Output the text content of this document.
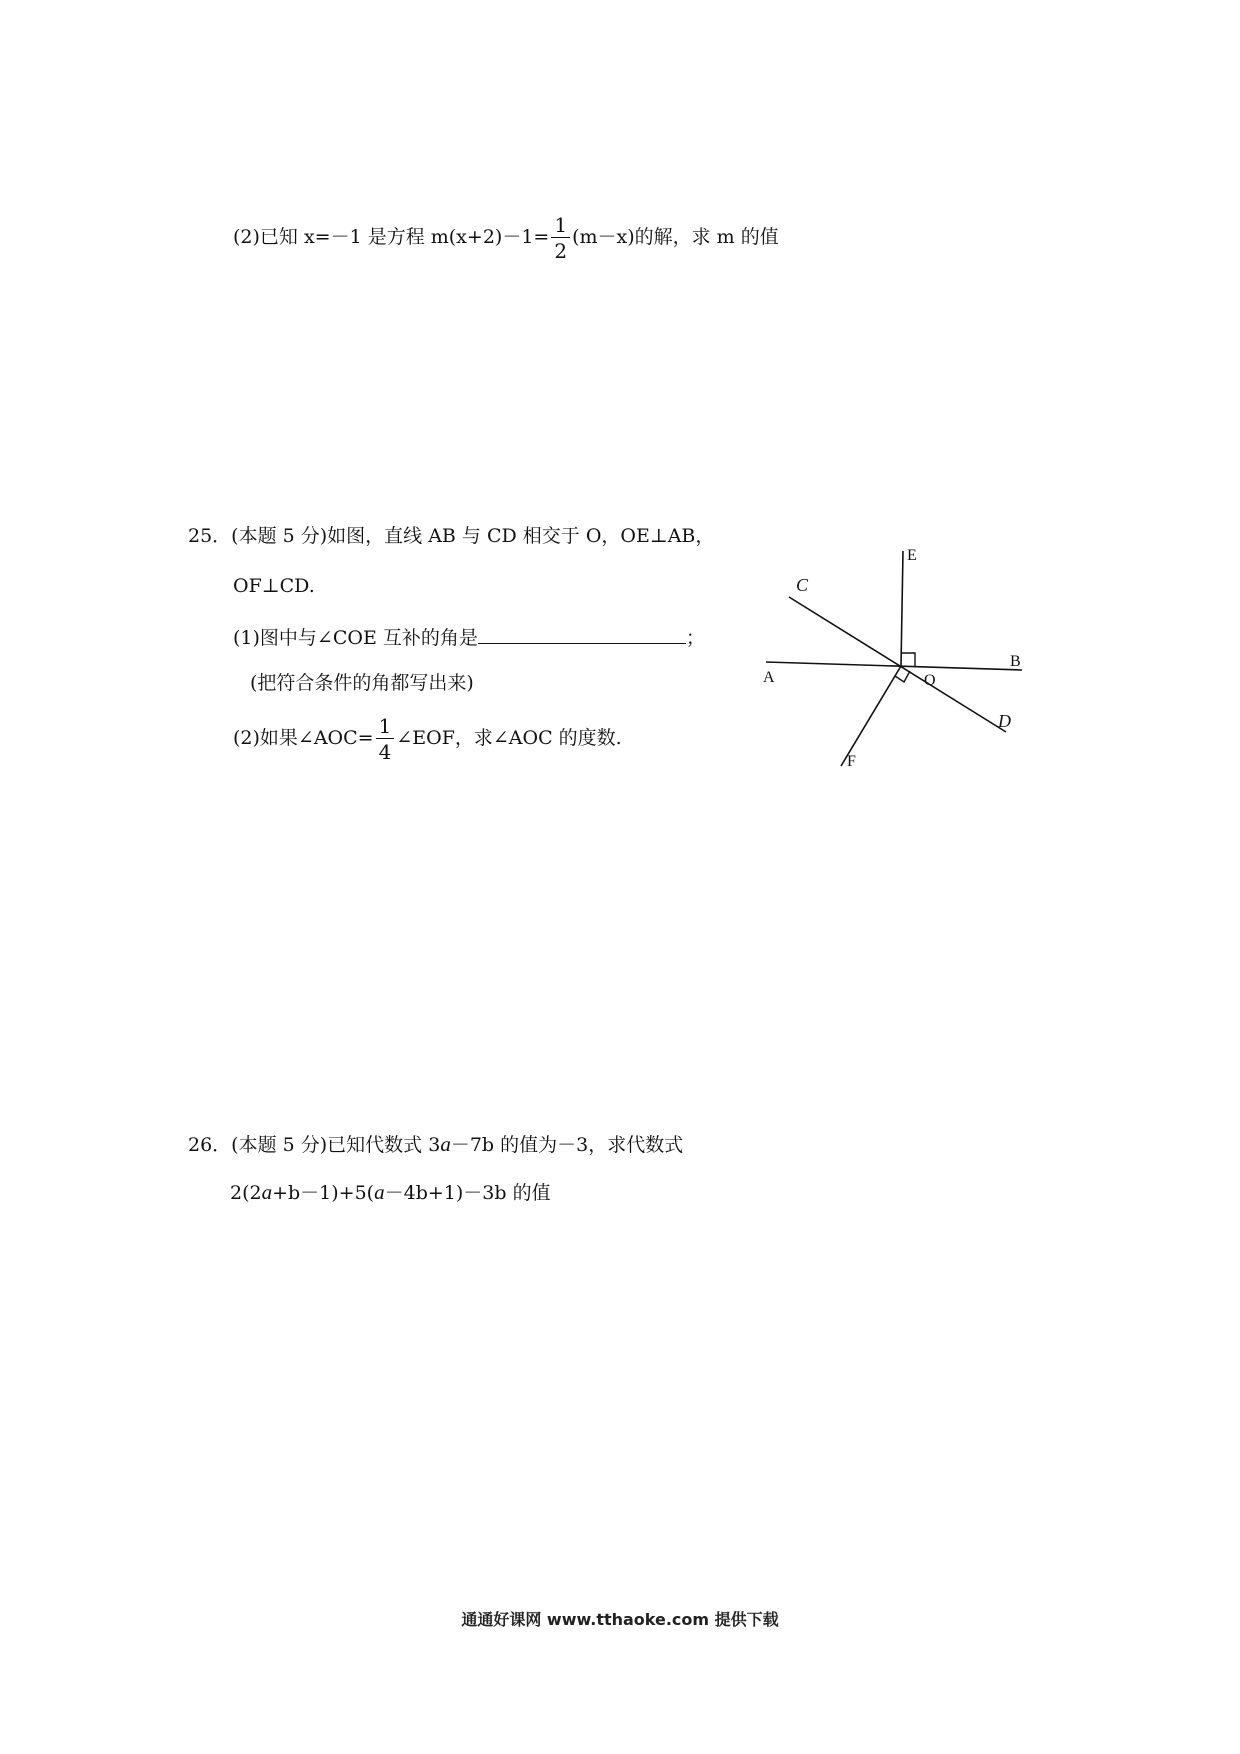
(2)已知 x=－1 是方程 $m(x+2)-1= \frac{1}{2} (m-x)$的解，求 m 的值
25．(本题 5 分)如图，直线 AB 与 CD 相交于 O，OE⊥AB，
OF⊥CD.
(1)图中与∠COE 互补的角是	；
(把符合条件的角都写出来)
(2)如果∠AOC= $\frac{1}{4}$ ∠EOF，求∠AOC 的度数.
E
C
B
A	O
D
F
26．(本题 5 分)已知代数式 3a－7b 的值为－3，求代数式
2(2a+b－1)+5(a－4b+1)－3b 的值
通通好课网 www.tthaoke.com 提供下载
